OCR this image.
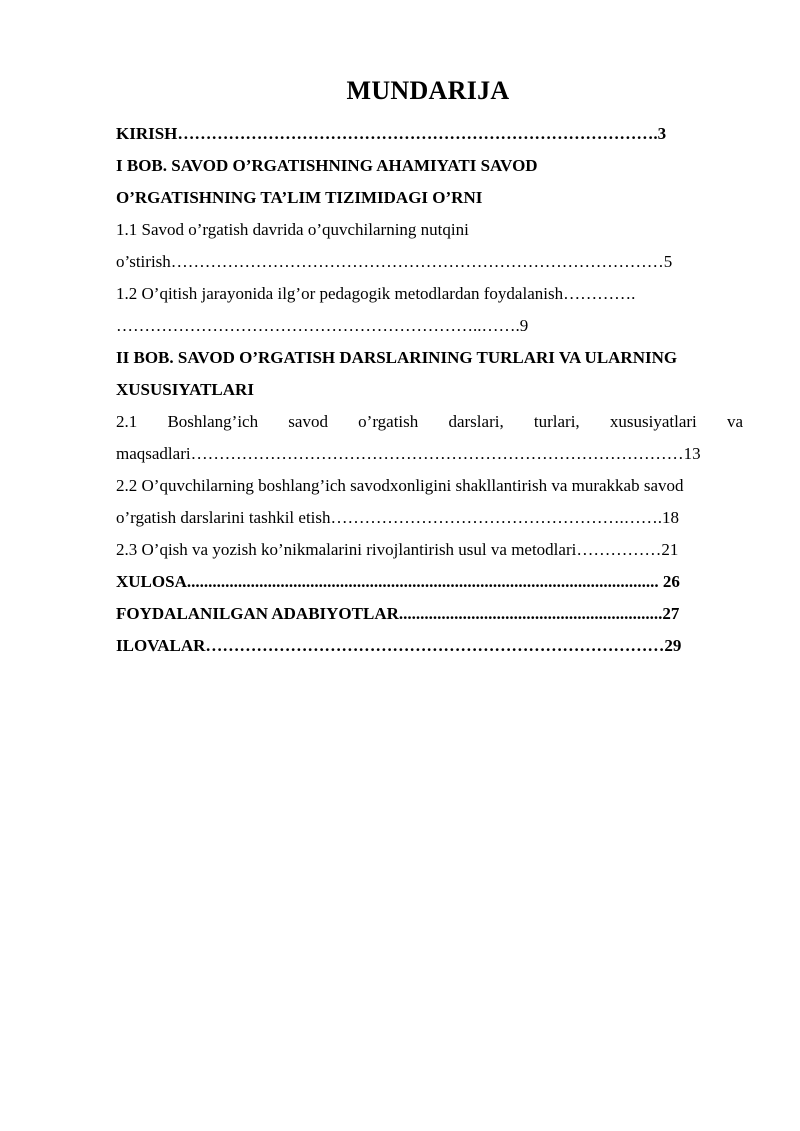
MUNDARIJA
KIRISH………………………………………………………………………….3
I BOB. SAVOD O’RGATISHNING AHAMIYATI SAVOD
O’RGATISHNING TA’LIM TIZIMIDAGI O’RNI
1.1 Savod o’rgatish davrida o’quvchilarning nutqini
o’stirish……………………………………………………………………………5
1.2 O’qitish jarayonida ilg’or pedagogik metodlardan foydalanish………….
………………………………………………………..…….9
II BOB. SAVOD O’RGATISH DARSLARINING TURLARI VA ULARNING
XUSUSIYATLARI
2.1 Boshlang’ich savod o’rgatish darslari, turlari, xususiyatlari va
maqsadlari……………………………………………………………………………13
2.2 O’quvchilarning boshlang’ich savodxonligini shakllantirish va murakkab savod
o’rgatish darslarini tashkil etish…………………………………………….…….18
2.3 O’qish va yozish ko’nikmalarini rivojlantirish usul va metodlari……………21
XULOSA............................................................................................................... 26
FOYDALANILGAN ADABIYOTLAR..............................................................27
ILOVALAR………………………………………………………………………29
